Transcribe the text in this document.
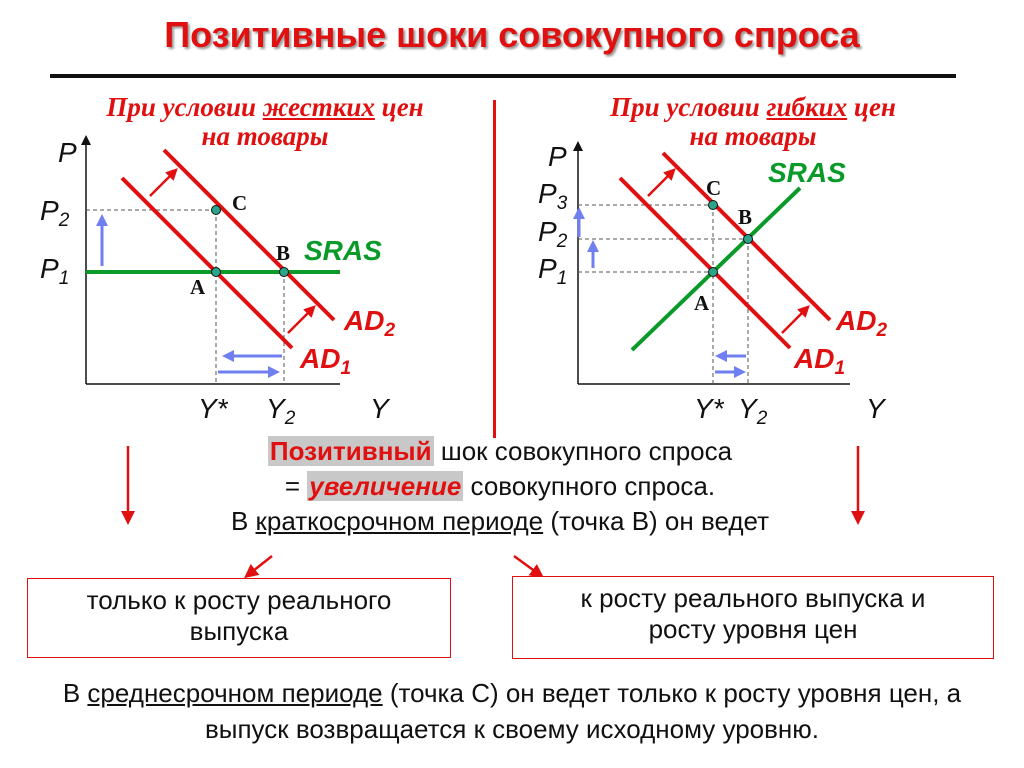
Позитивные шоки совокупного спроса
При условии жестких цен
на товары
При условии гибких цен
на товары
P
Y
$P_2$
$P_1$
Y* $Y_2$
A
B
C
SRAS
$AD_2$
$AD_1$
P
Y
$P_3$
$P_2$
$P_1$
Y* $Y_2$
A
B
C SRAS
$AD_2$
$AD_1$
Позитивный шок совокупного спроса
= увеличение совокупного спроса.
В краткосрочном периоде (точка В) он ведет
только к росту реального выпуска
к росту реального выпуска и росту уровня цен
В среднесрочном периоде (точка С) он ведет только к росту уровня цен, а выпуск возвращается к своему исходному уровню.
